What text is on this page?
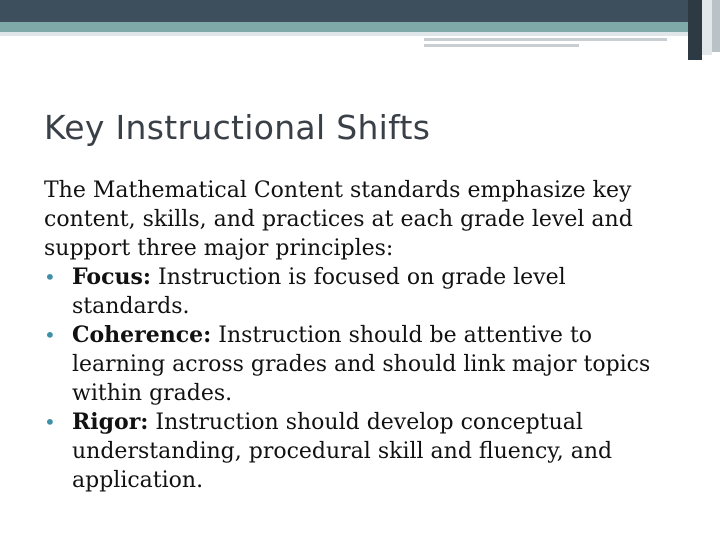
Key Instructional Shifts

The Mathematical Content standards emphasize key content, skills, and practices at each grade level and support three major principles:

• Focus: Instruction is focused on grade level standards.
• Coherence: Instruction should be attentive to learning across grades and should link major topics within grades.
• Rigor: Instruction should develop conceptual understanding, procedural skill and fluency, and application.
